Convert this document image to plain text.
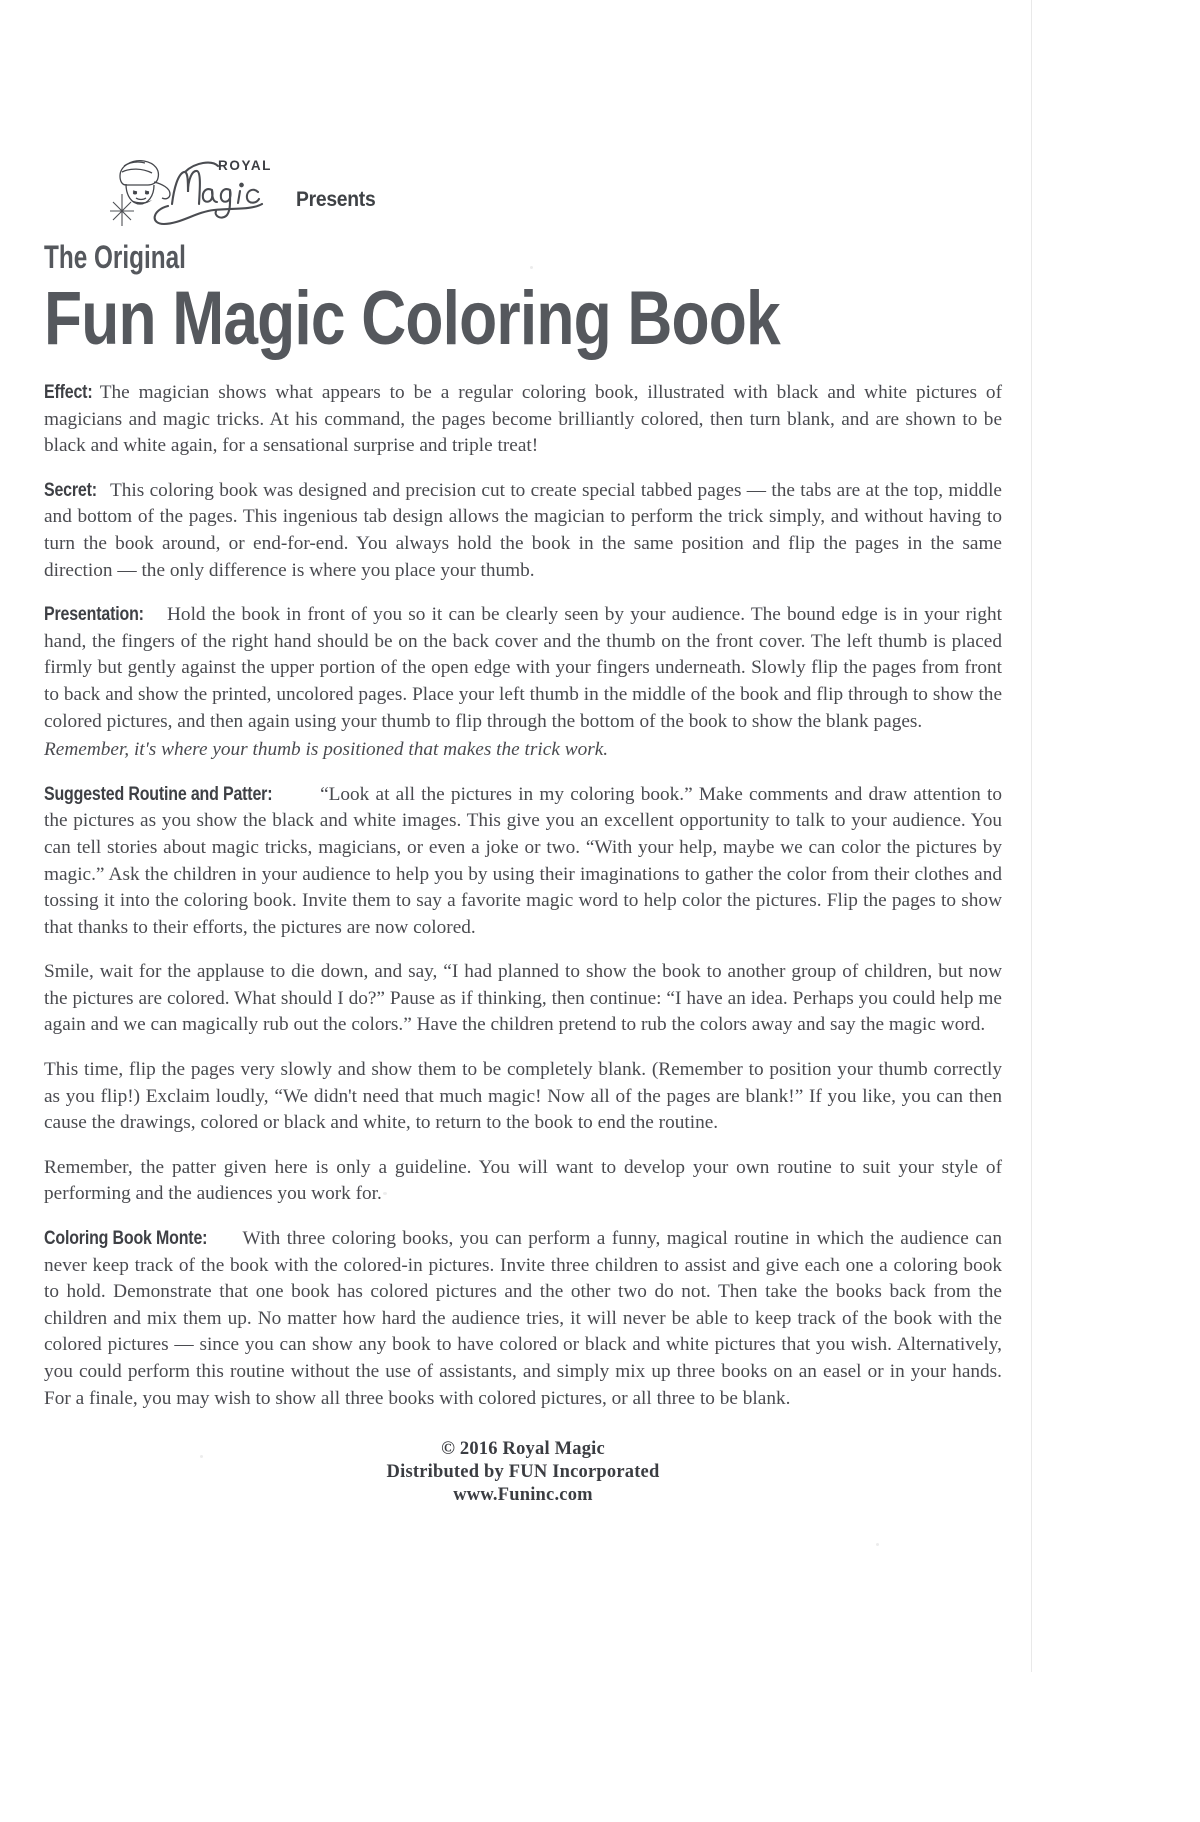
ROYAL
Presents
The Original
Fun Magic Coloring Book

Effect: The magician shows what appears to be a regular coloring book, illustrated with black and white pictures of magicians and magic tricks. At his command, the pages become brilliantly colored, then turn blank, and are shown to be black and white again, for a sensational surprise and triple treat!

Secret: This coloring book was designed and precision cut to create special tabbed pages — the tabs are at the top, middle and bottom of the pages. This ingenious tab design allows the magician to perform the trick simply, and without having to turn the book around, or end-for-end. You always hold the book in the same position and flip the pages in the same direction — the only difference is where you place your thumb.

Presentation: Hold the book in front of you so it can be clearly seen by your audience. The bound edge is in your right hand, the fingers of the right hand should be on the back cover and the thumb on the front cover. The left thumb is placed firmly but gently against the upper portion of the open edge with your fingers underneath. Slowly flip the pages from front to back and show the printed, uncolored pages. Place your left thumb in the middle of the book and flip through to show the colored pictures, and then again using your thumb to flip through the bottom of the book to show the blank pages.

Remember, it's where your thumb is positioned that makes the trick work.

Suggested Routine and Patter: “Look at all the pictures in my coloring book.” Make comments and draw attention to the pictures as you show the black and white images. This give you an excellent opportunity to talk to your audience. You can tell stories about magic tricks, magicians, or even a joke or two. “With your help, maybe we can color the pictures by magic.” Ask the children in your audience to help you by using their imaginations to gather the color from their clothes and tossing it into the coloring book. Invite them to say a favorite magic word to help color the pictures. Flip the pages to show that thanks to their efforts, the pictures are now colored.

Smile, wait for the applause to die down, and say, “I had planned to show the book to another group of children, but now the pictures are colored. What should I do?” Pause as if thinking, then continue: “I have an idea. Perhaps you could help me again and we can magically rub out the colors.” Have the children pretend to rub the colors away and say the magic word.

This time, flip the pages very slowly and show them to be completely blank. (Remember to position your thumb correctly as you flip!) Exclaim loudly, “We didn't need that much magic! Now all of the pages are blank!” If you like, you can then cause the drawings, colored or black and white, to return to the book to end the routine.

Remember, the patter given here is only a guideline. You will want to develop your own routine to suit your style of performing and the audiences you work for.

Coloring Book Monte: With three coloring books, you can perform a funny, magical routine in which the audience can never keep track of the book with the colored-in pictures. Invite three children to assist and give each one a coloring book to hold. Demonstrate that one book has colored pictures and the other two do not. Then take the books back from the children and mix them up. No matter how hard the audience tries, it will never be able to keep track of the book with the colored pictures — since you can show any book to have colored or black and white pictures that you wish. Alternatively, you could perform this routine without the use of assistants, and simply mix up three books on an easel or in your hands. For a finale, you may wish to show all three books with colored pictures, or all three to be blank.

© 2016 Royal Magic
Distributed by FUN Incorporated
www.Funinc.com
